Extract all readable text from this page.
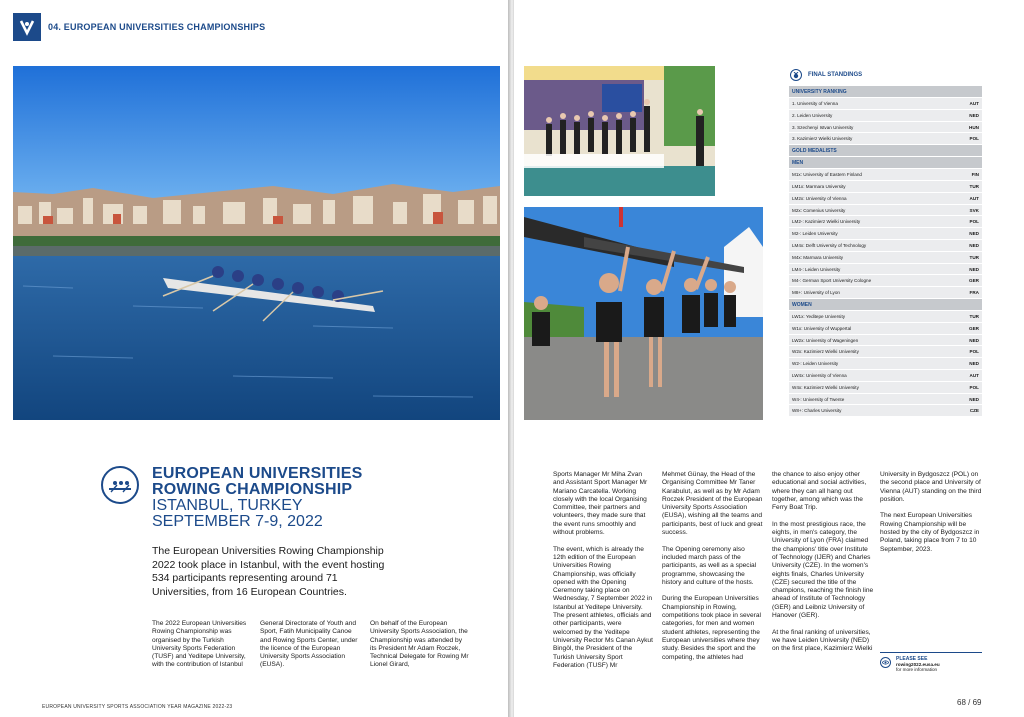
04. EUROPEAN UNIVERSITIES CHAMPIONSHIPS
EUROPEAN UNIVERSITIES
ROWING CHAMPIONSHIP
ISTANBUL, TURKEY
SEPTEMBER 7-9, 2022
The European Universities Rowing Championship 2022 took place in Istanbul, with the event hosting 534 participants representing around 71 Universities, from 16 European Countries.
The 2022 European Universities Rowing Championship was organised by the Turkish University Sports Federation (TUSF) and Yeditepe University, with the contribution of Istanbul
General Directorate of Youth and Sport, Fatih Municipality Canoe and Rowing Sports Center, under the licence of the European University Sports Association (EUSA).
On behalf of the European University Sports Association, the Championship was attended by its President Mr Adam Roczek, Technical Delegate for Rowing Mr Lionel Girard,
EUROPEAN UNIVERSITY SPORTS ASSOCIATION YEAR MAGAZINE 2022-23
FINAL STANDINGS
UNIVERSITY RANKING
1. University of Vienna	AUT
2. Leiden University	NED
3. Szechenyi Istvan University	HUN
3. Kazimierz Wielki University	POL
GOLD MEDALISTS
MEN
M1x: University of Eastern Finland	FIN
LM1x: Marmara University	TUR
LM2x: University of Vienna	AUT
M2x: Comenius University	SVK
LM2-: Kazimierz Wielki University	POL
M2-: Leiden University	NED
LM4x: Delft University of Technology	NED
M4x: Marmara University	TUR
LM4-: Leiden University	NED
M4-: German Sport University Cologne	GER
M8+: University of Lyon	FRA
WOMEN
LW1x: Yeditepe University	TUR
W1x: University of Wuppertal	GER
LW2x: University of Wageningen	NED
W2x: Kazimierz Wielki University	POL
W2-: Leiden University	NED
LW4x: University of Vienna	AUT
W4x: Kazimierz Wielki University	POL
W4-: University of Twente	NED
W8+: Charles University	CZE
Sports Manager Mr Miha Zvan and Assistant Sport Manager Mr Mariano Carcatella. Working closely with the local Organising Committee, their partners and volunteers, they made sure that the event runs smoothly and without problems.

The event, which is already the 12th edition of the European Universities Rowing Championship, was officially opened with the Opening Ceremony taking place on Wednesday, 7 September 2022 in Istanbul at Yeditepe University. The present athletes, officials and other participants, were welcomed by the Yeditepe University Rector Ms Canan Aykut Bingöl, the President of the Turkish University Sport Federation (TUSF) Mr
Mehmet Günay, the Head of the Organising Committee Mr Taner Karabulut, as well as by Mr Adam Roczek President of the European University Sports Association (EUSA), wishing all the teams and participants, best of luck and great success.

The Opening ceremony also included march pass of the participants, as well as a special programme, showcasing the history and culture of the hosts.

During the European Universities Championship in Rowing, competitions took place in several categories, for men and women student athletes, representing the European universities where they study. Besides the sport and the competing, the athletes had
the chance to also enjoy other educational and social activities, where they can all hang out together, among which was the Ferry Boat Trip.

In the most prestigious race, the eights, in men's category, the University of Lyon (FRA) claimed the champions' title over Institute of Technology (IJER) and Charles University (CZE). In the women's eights finals, Charles University (CZE) secured the title of the champions, reaching the finish line ahead of Institute of Technology (GER) and Leibniz University of Hanover (GER).

At the final ranking of universities, we have Leiden University (NED) on the first place, Kazimierz Wielki
University in Bydgoszcz (POL) on the second place and University of Vienna (AUT) standing on the third position.

The next European Universities Rowing Championship will be hosted by the city of Bydgoszcz in Poland, taking place from 7 to 10 September, 2023.
PLEASE SEE
rowing2022.eusa.eu
for more information
68 / 69
